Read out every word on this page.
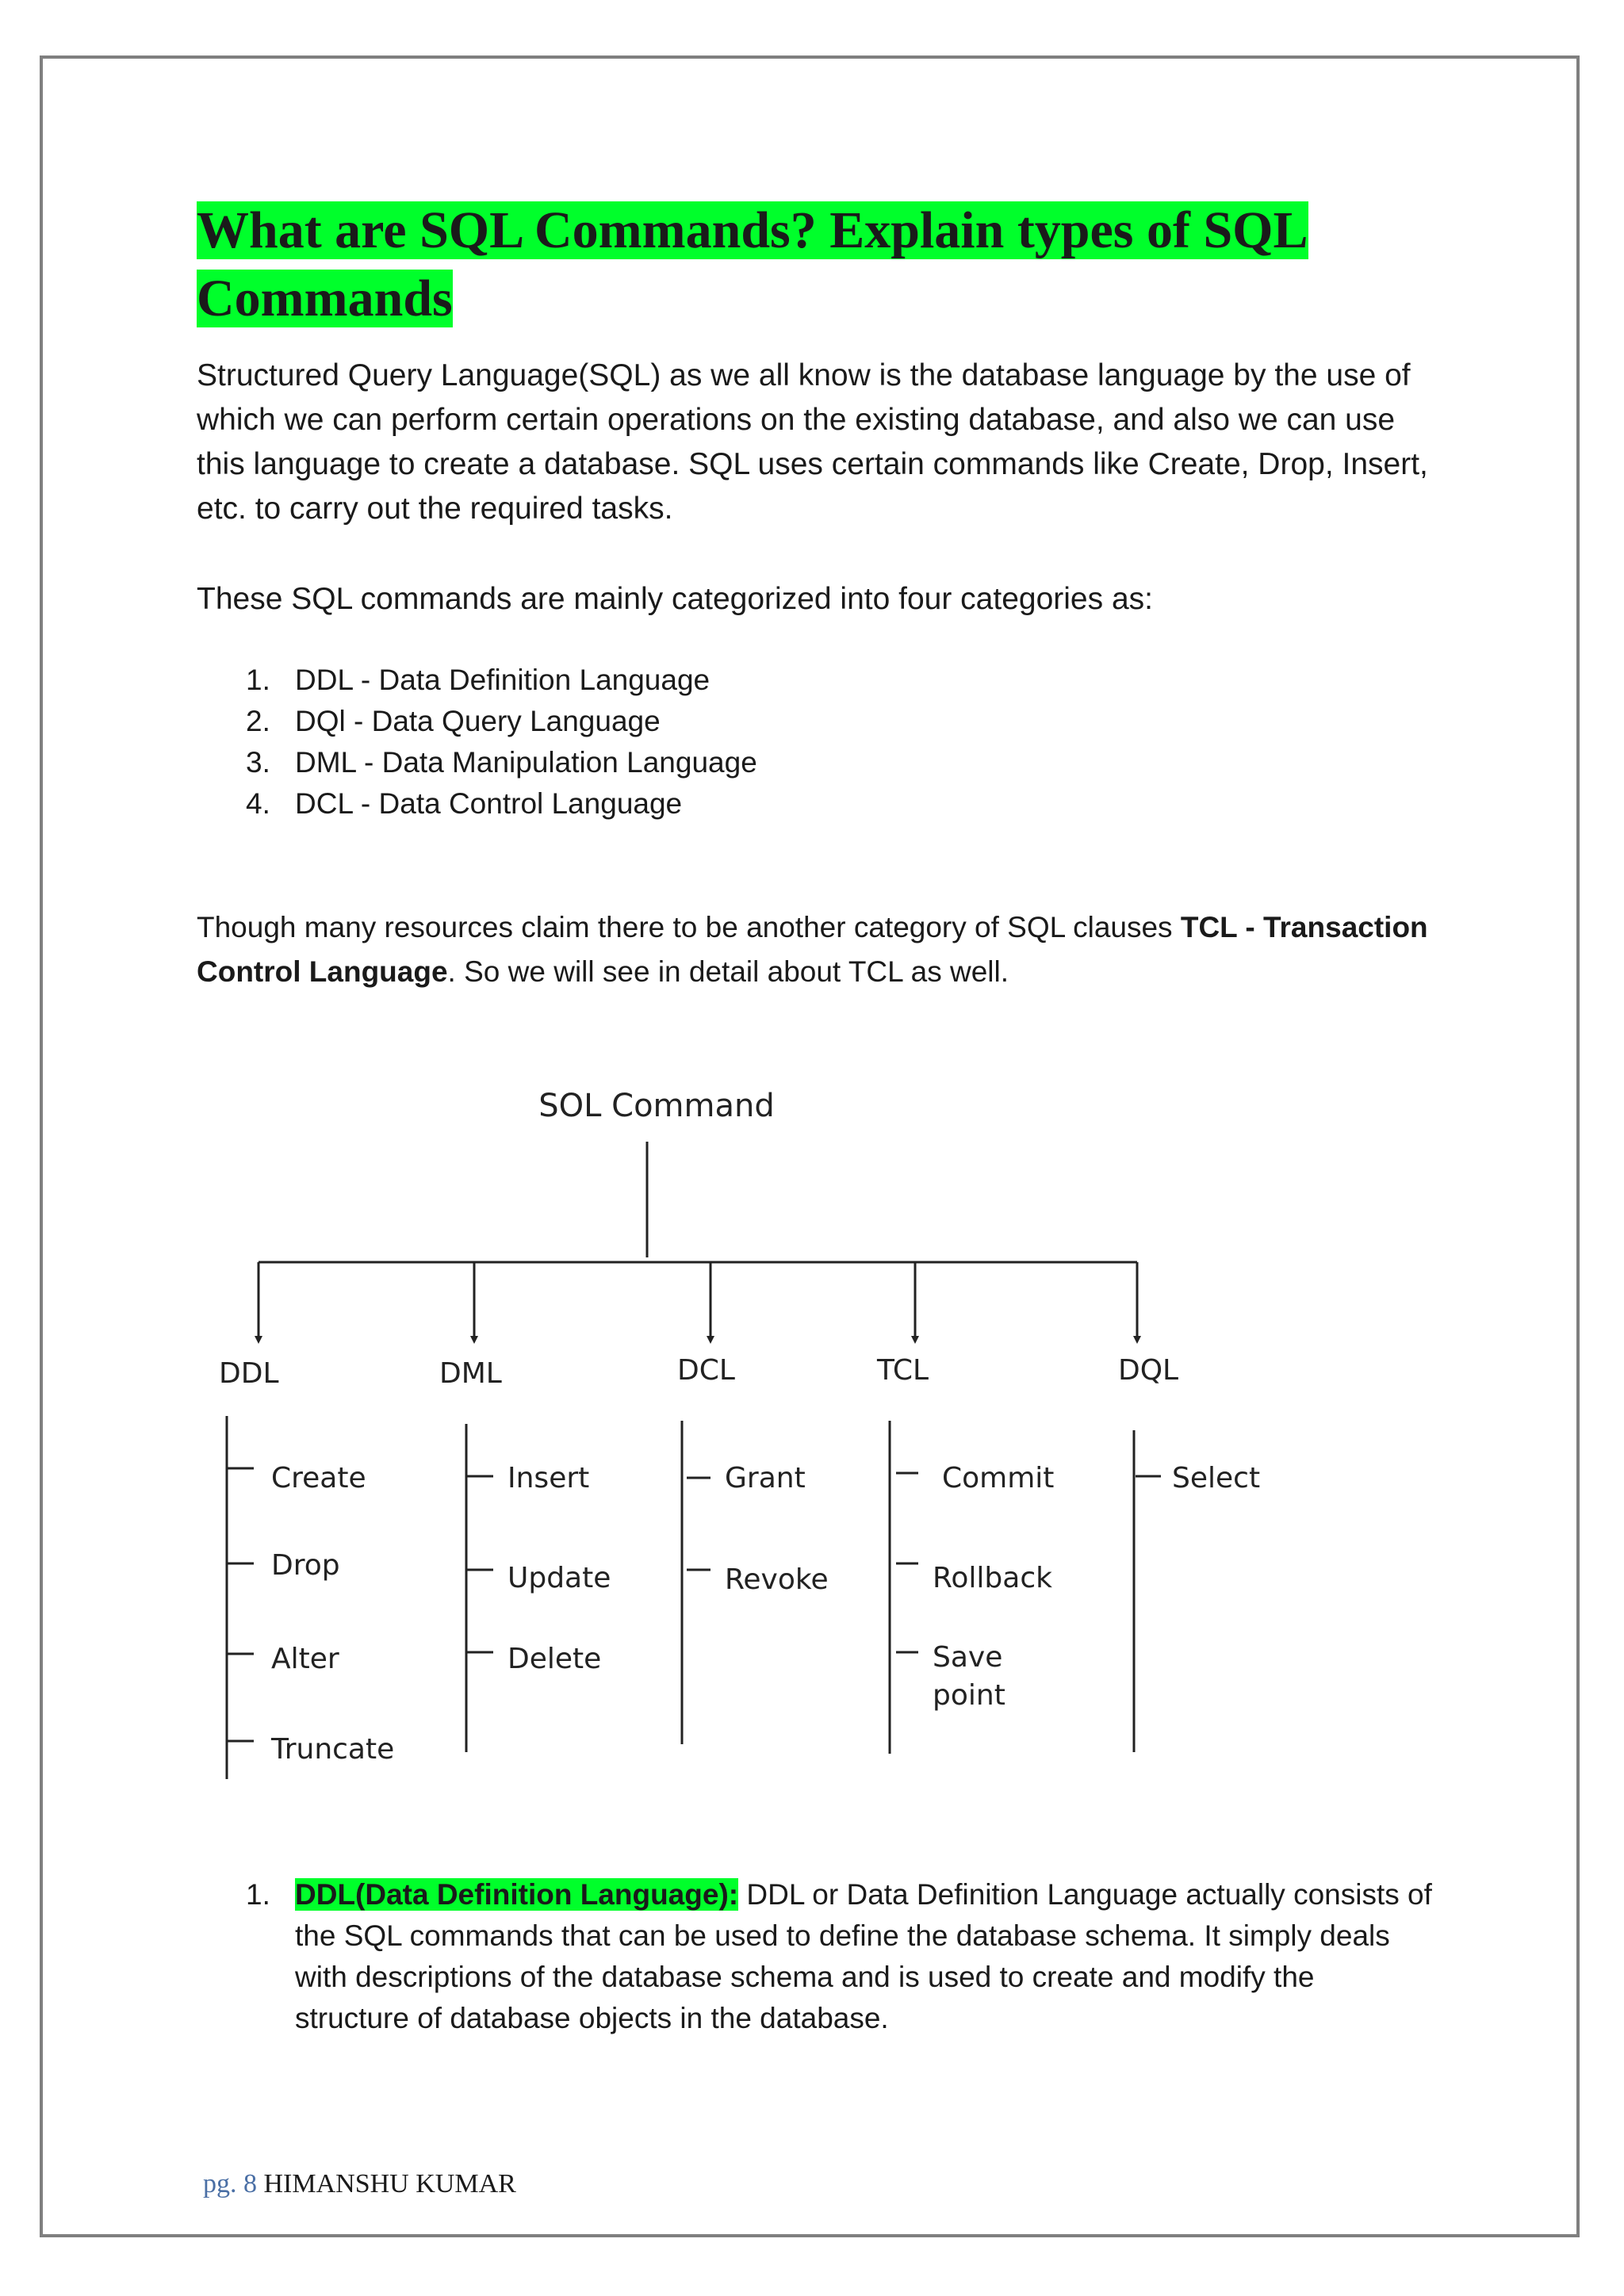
What are SQL Commands? Explain types of SQL Commands

Structured Query Language(SQL) as we all know is the database language by the use of which we can perform certain operations on the existing database, and also we can use this language to create a database. SQL uses certain commands like Create, Drop, Insert, etc. to carry out the required tasks.

These SQL commands are mainly categorized into four categories as:

1. DDL - Data Definition Language
2. DQl - Data Query Language
3. DML - Data Manipulation Language
4. DCL - Data Control Language

Though many resources claim there to be another category of SQL clauses TCL - Transaction Control Language. So we will see in detail about TCL as well.

SOL Command
DDL	DML	DCL	TCL	DQL
Create
Drop
Alter
Truncate
Insert
Update
Delete
Grant
Revoke
Commit
Rollback
Save
point
Select
1. DDL(Data Definition Language): DDL or Data Definition Language actually consists of the SQL commands that can be used to define the database schema. It simply deals with descriptions of the database schema and is used to create and modify the structure of database objects in the database.
pg. 8 HIMANSHU KUMAR
